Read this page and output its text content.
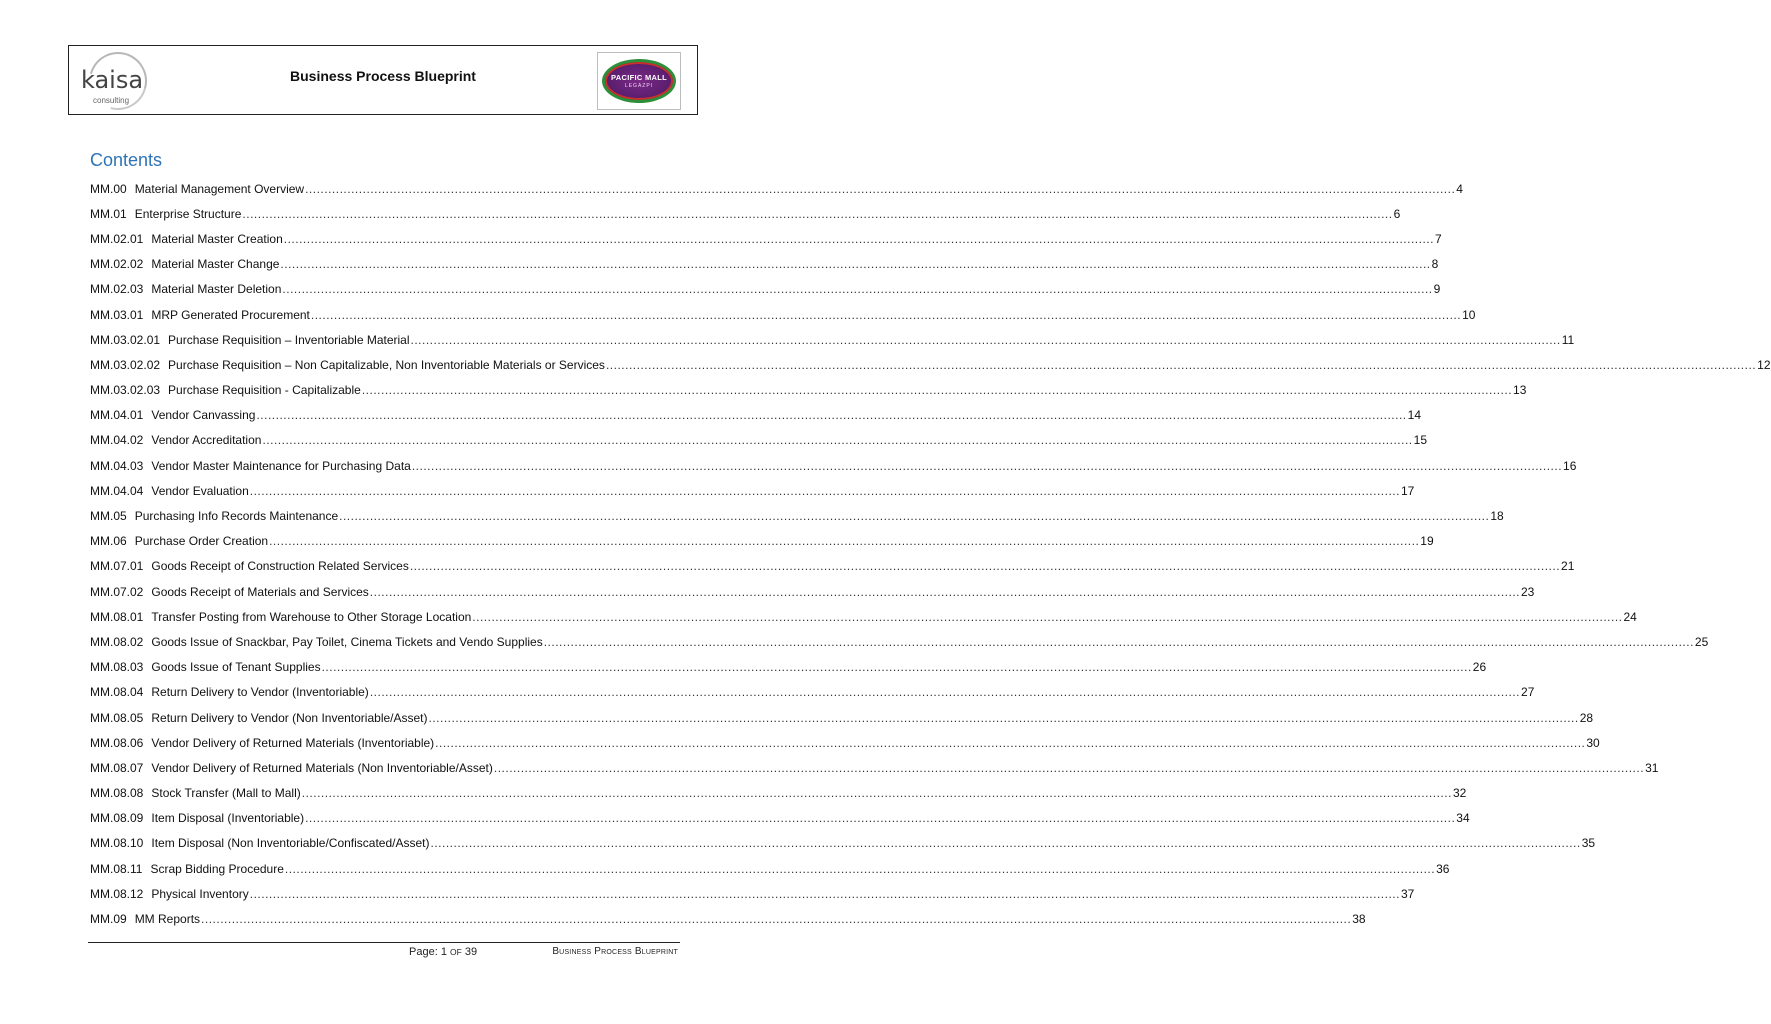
kaisa
consulting
Business Process Blueprint	PACIFIC MALL
LEGAZPI
Contents
MM.00 Material Management Overview ............................................................................................................................................................................................................................................................................................................ 4
MM.01 Enterprise Structure ............................................................................................................................................................................................................................................................................................................ 6
MM.02.01 Material Master Creation ............................................................................................................................................................................................................................................................................................................ 7
MM.02.02 Material Master Change ............................................................................................................................................................................................................................................................................................................ 8
MM.02.03 Material Master Deletion ............................................................................................................................................................................................................................................................................................................ 9
MM.03.01 MRP Generated Procurement ............................................................................................................................................................................................................................................................................................................ 10
MM.03.02.01 Purchase Requisition – Inventoriable Material ............................................................................................................................................................................................................................................................................................................ 11
MM.03.02.02 Purchase Requisition – Non Capitalizable, Non Inventoriable Materials or Services ............................................................................................................................................................................................................................................................................................................ 12
MM.03.02.03 Purchase Requisition - Capitalizable ............................................................................................................................................................................................................................................................................................................ 13
MM.04.01 Vendor Canvassing ............................................................................................................................................................................................................................................................................................................ 14
MM.04.02 Vendor Accreditation ............................................................................................................................................................................................................................................................................................................ 15
MM.04.03 Vendor Master Maintenance for Purchasing Data ............................................................................................................................................................................................................................................................................................................ 16
MM.04.04 Vendor Evaluation ............................................................................................................................................................................................................................................................................................................ 17
MM.05 Purchasing Info Records Maintenance ............................................................................................................................................................................................................................................................................................................ 18
MM.06 Purchase Order Creation ............................................................................................................................................................................................................................................................................................................ 19
MM.07.01 Goods Receipt of Construction Related Services ............................................................................................................................................................................................................................................................................................................ 21
MM.07.02 Goods Receipt of Materials and Services ............................................................................................................................................................................................................................................................................................................ 23
MM.08.01 Transfer Posting from Warehouse to Other Storage Location ............................................................................................................................................................................................................................................................................................................ 24
MM.08.02 Goods Issue of Snackbar, Pay Toilet, Cinema Tickets and Vendo Supplies ............................................................................................................................................................................................................................................................................................................ 25
MM.08.03 Goods Issue of Tenant Supplies ............................................................................................................................................................................................................................................................................................................ 26
MM.08.04 Return Delivery to Vendor (Inventoriable) ............................................................................................................................................................................................................................................................................................................ 27
MM.08.05 Return Delivery to Vendor (Non Inventoriable/Asset) ............................................................................................................................................................................................................................................................................................................ 28
MM.08.06 Vendor Delivery of Returned Materials (Inventoriable) ............................................................................................................................................................................................................................................................................................................ 30
MM.08.07 Vendor Delivery of Returned Materials (Non Inventoriable/Asset) ............................................................................................................................................................................................................................................................................................................ 31
MM.08.08 Stock Transfer (Mall to Mall) ............................................................................................................................................................................................................................................................................................................ 32
MM.08.09 Item Disposal (Inventoriable) ............................................................................................................................................................................................................................................................................................................ 34
MM.08.10 Item Disposal (Non Inventoriable/Confiscated/Asset) ............................................................................................................................................................................................................................................................................................................ 35
MM.08.11 Scrap Bidding Procedure ............................................................................................................................................................................................................................................................................................................ 36
MM.08.12 Physical Inventory ............................................................................................................................................................................................................................................................................................................ 37
MM.09 MM Reports ............................................................................................................................................................................................................................................................................................................ 38
Page: 1 OF 39	Business Process Blueprint
